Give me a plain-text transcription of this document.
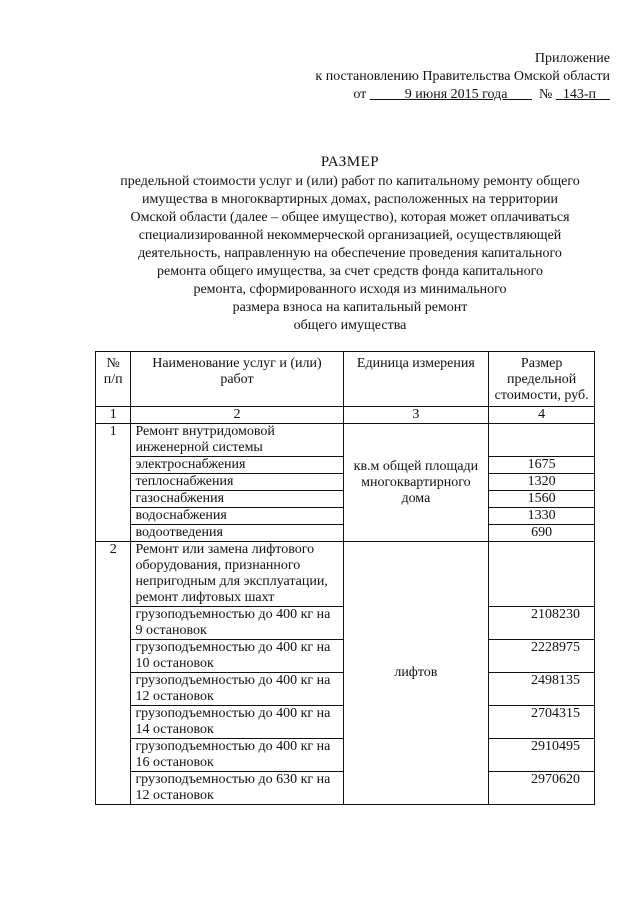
Приложение
к постановлению Правительства Омской области
от	9 июня 2015 года №   143-п
РАЗМЕР
предельной стоимости услуг и (или) работ по капитальному ремонту общего
имущества в многоквартирных домах, расположенных на территории
Омской области (далее – общее имущество), которая может оплачиваться
специализированной некоммерческой организацией, осуществляющей
деятельность, направленную на обеспечение проведения капитального
ремонта общего имущества, за счет средств фонда капитального
ремонта, сформированного исходя из минимального
размера взноса на капитальный ремонт
общего имущества
№ п/п	Наименование услуг и (или) работ	Единица измерения	Размер предельной стоимости, руб.
1	2	3	4
1	Ремонт внутридомовой инженерной системы	кв.м общей площади многоквартирного дома	
	электроснабжения		1675
	теплоснабжения		1320
	газоснабжения		1560
	водоснабжения		1330
	водоотведения		690
2	Ремонт или замена лифтового оборудования, признанного непригодным для эксплуатации, ремонт лифтовых шахт	лифтов	
	грузоподъемностью до 400 кг на 9 остановок		2108230
	грузоподъемностью до 400 кг на 10 остановок		2228975
	грузоподъемностью до 400 кг на 12 остановок		2498135
	грузоподъемностью до 400 кг на 14 остановок		2704315
	грузоподъемностью до 400 кг на 16 остановок		2910495
	грузоподъемностью до 630 кг на 12 остановок		2970620
